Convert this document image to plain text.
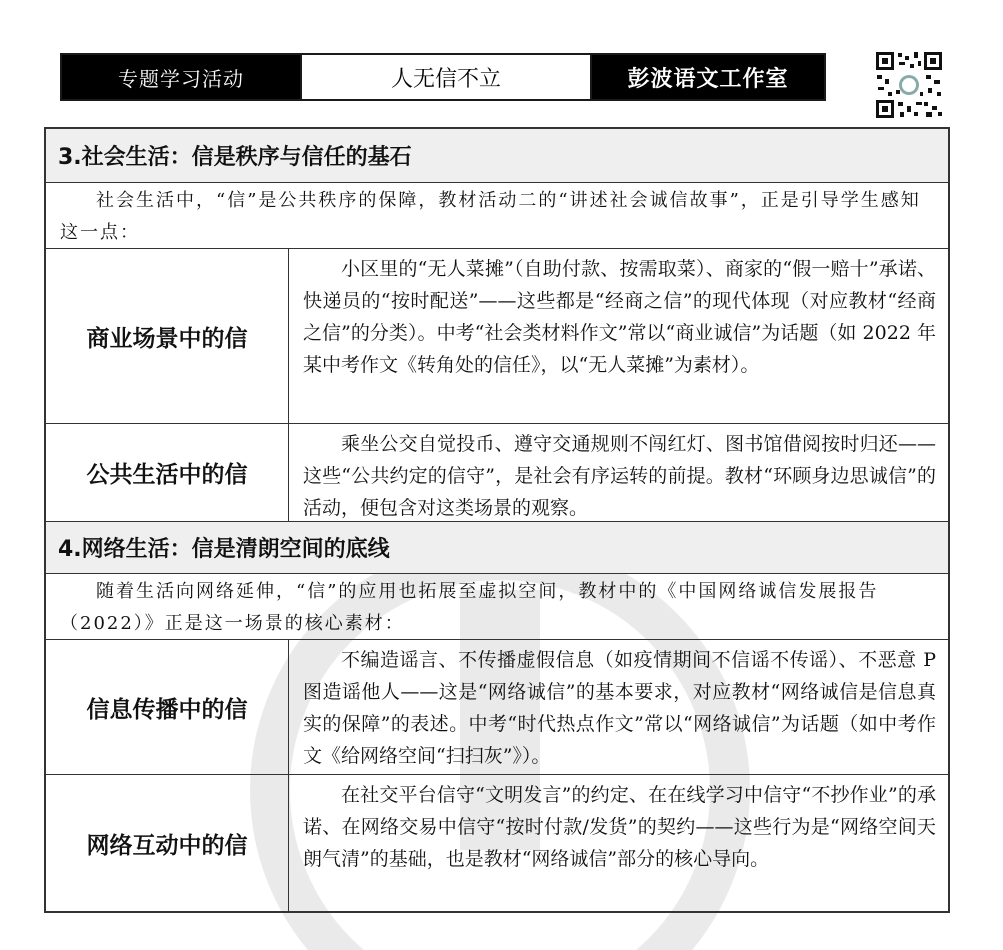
专题学习活动	人无信不立	彭波语文工作室
3.社会生活：信是秩序与信任的基石

社会生活中，“信”是公共秩序的保障，教材活动二的“讲述社会诚信故事”，正是引导学生感知这一点：

商业场景中的信

小区里的“无人菜摊”（自助付款、按需取菜）、商家的“假一赔十”承诺、快递员的“按时配送”——这些都是“经商之信”的现代体现（对应教材“经商之信”的分类）。中考“社会类材料作文”常以“商业诚信”为话题（如 2022 年某中考作文《转角处的信任》，以“无人菜摊”为素材）。

公共生活中的信

乘坐公交自觉投币、遵守交通规则不闯红灯、图书馆借阅按时归还——这些“公共约定的信守”，是社会有序运转的前提。教材“环顾身边思诚信”的活动，便包含对这类场景的观察。

4.网络生活：信是清朗空间的底线

随着生活向网络延伸，“信”的应用也拓展至虚拟空间，教材中的《中国网络诚信发展报告（2022）》正是这一场景的核心素材：

信息传播中的信

不编造谣言、不传播虚假信息（如疫情期间不信谣不传谣）、不恶意 P 图造谣他人——这是“网络诚信”的基本要求，对应教材“网络诚信是信息真实的保障”的表述。中考“时代热点作文”常以“网络诚信”为话题（如中考作文《给网络空间“扫扫灰”》）。

网络互动中的信

在社交平台信守“文明发言”的约定、在在线学习中信守“不抄作业”的承诺、在网络交易中信守“按时付款/发货”的契约——这些行为是“网络空间天朗气清”的基础，也是教材“网络诚信”部分的核心导向。
